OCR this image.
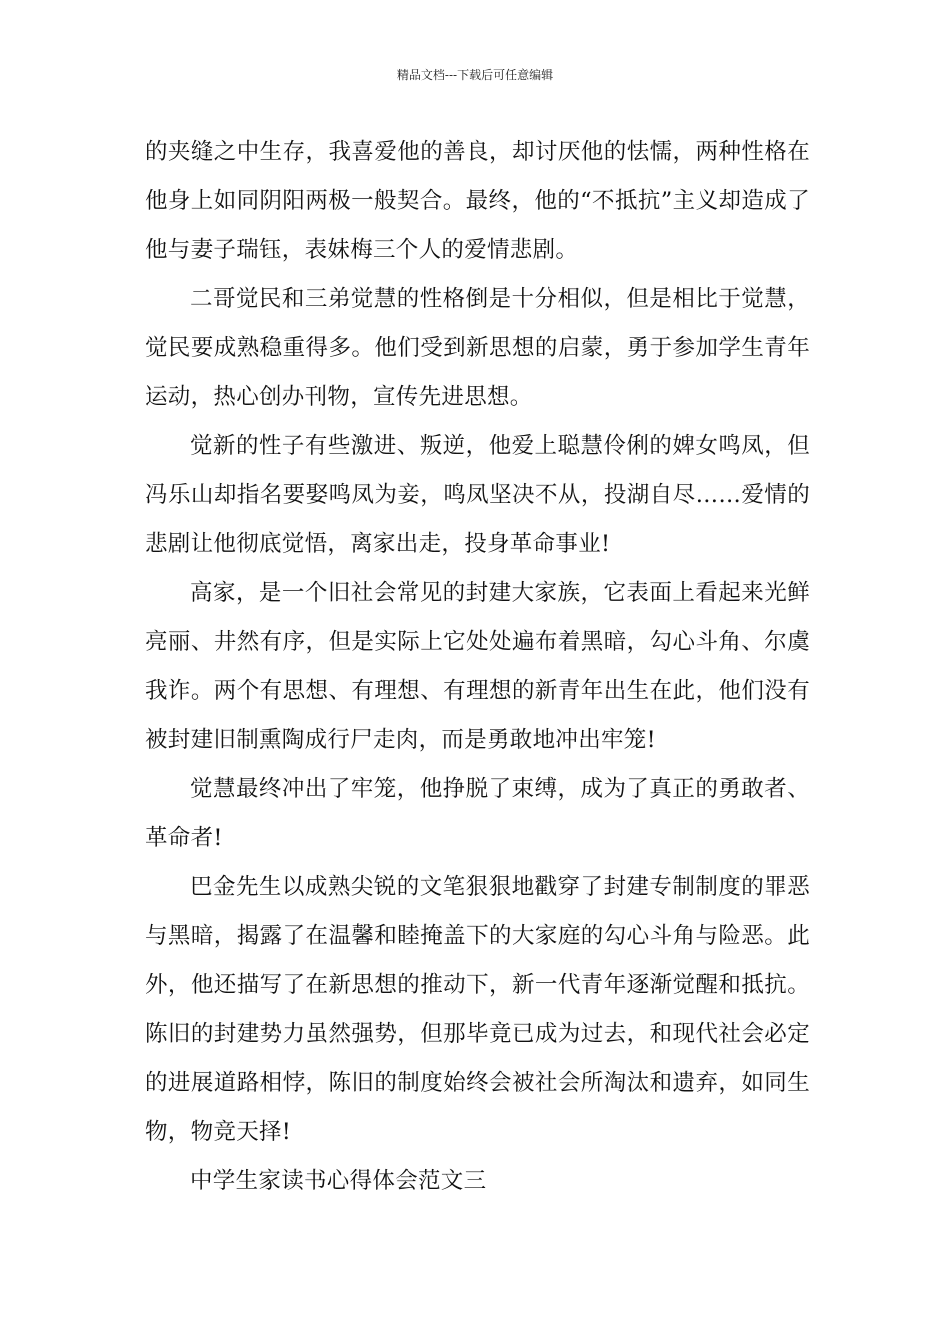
精品文档---下载后可任意编辑

的夹缝之中生存，我喜爱他的善良，却讨厌他的怯懦，两种性格在他身上如同阴阳两极一般契合。最终，他的“不抵抗”主义却造成了他与妻子瑞钰，表妹梅三个人的爱情悲剧。

二哥觉民和三弟觉慧的性格倒是十分相似，但是相比于觉慧，觉民要成熟稳重得多。他们受到新思想的启蒙，勇于参加学生青年运动，热心创办刊物，宣传先进思想。

觉新的性子有些激进、叛逆，他爱上聪慧伶俐的婢女鸣凤，但冯乐山却指名要娶鸣凤为妾，鸣凤坚决不从，投湖自尽……爱情的悲剧让他彻底觉悟，离家出走，投身革命事业!

高家，是一个旧社会常见的封建大家族，它表面上看起来光鲜亮丽、井然有序，但是实际上它处处遍布着黑暗，勾心斗角、尔虞我诈。两个有思想、有理想、有理想的新青年出生在此，他们没有被封建旧制熏陶成行尸走肉，而是勇敢地冲出牢笼!

觉慧最终冲出了牢笼，他挣脱了束缚，成为了真正的勇敢者、革命者!

巴金先生以成熟尖锐的文笔狠狠地戳穿了封建专制制度的罪恶与黑暗，揭露了在温馨和睦掩盖下的大家庭的勾心斗角与险恶。此外，他还描写了在新思想的推动下，新一代青年逐渐觉醒和抵抗。陈旧的封建势力虽然强势，但那毕竟已成为过去，和现代社会必定的进展道路相悖，陈旧的制度始终会被社会所淘汰和遗弃，如同生物，物竞天择!

中学生家读书心得体会范文三
